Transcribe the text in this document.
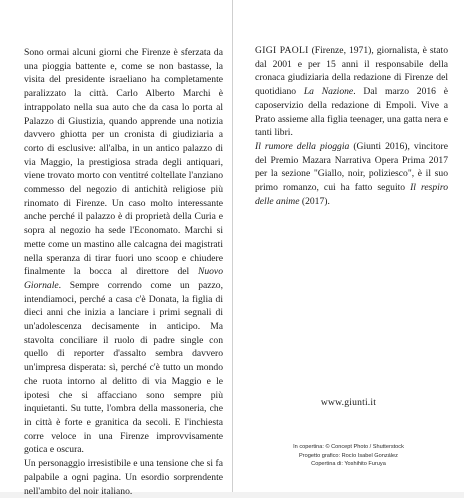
Sono ormai alcuni giorni che Firenze è sferzata da una pioggia battente e, come se non bastasse, la visita del presidente israeliano ha completamente paralizzato la città. Carlo Alberto Marchi è intrappolato nella sua auto che da casa lo porta al Palazzo di Giustizia, quando apprende una notizia davvero ghiotta per un cronista di giudiziaria a corto di esclusive: all'alba, in un antico palazzo di via Maggio, la prestigiosa strada degli antiquari, viene trovato morto con ventitré coltellate l'anziano commesso del negozio di antichità religiose più rinomato di Firenze. Un caso molto interessante anche perché il palazzo è di proprietà della Curia e sopra al negozio ha sede l'Economato. Marchi si mette come un mastino alle calcagna dei magistrati nella speranza di tirar fuori uno scoop e chiudere finalmente la bocca al direttore del Nuovo Giornale. Sempre correndo come un pazzo, intendiamoci, perché a casa c'è Donata, la figlia di dieci anni che inizia a lanciare i primi segnali di un'adolescenza decisamente in anticipo. Ma stavolta conciliare il ruolo di padre single con quello di reporter d'assalto sembra davvero un'impresa disperata: sì, perché c'è tutto un mondo che ruota intorno al delitto di via Maggio e le ipotesi che si affacciano sono sempre più inquietanti. Su tutte, l'ombra della massoneria, che in città è forte e granitica da secoli. E l'inchiesta corre veloce in una Firenze improvvisamente gotica e oscura.

Un personaggio irresistibile e una tensione che si fa palpabile a ogni pagina. Un esordio sorprendente nell'ambito del noir italiano.

GIGI PAOLI (Firenze, 1971), giornalista, è stato dal 2001 e per 15 anni il responsabile della cronaca giudiziaria della redazione di Firenze del quotidiano La Nazione. Dal marzo 2016 è caposervizio della redazione di Empoli. Vive a Prato assieme alla figlia teenager, una gatta nera e tanti libri.

Il rumore della pioggia (Giunti 2016), vincitore del Premio Mazara Narrativa Opera Prima 2017 per la sezione "Giallo, noir, poliziesco", è il suo primo romanzo, cui ha fatto seguito Il respiro delle anime (2017).

www.giunti.it
In copertina: © Concept Photo / Shutterstock
Progetto grafico: Rocío Isabel González
Copertina di: Yoshihito Furuya
